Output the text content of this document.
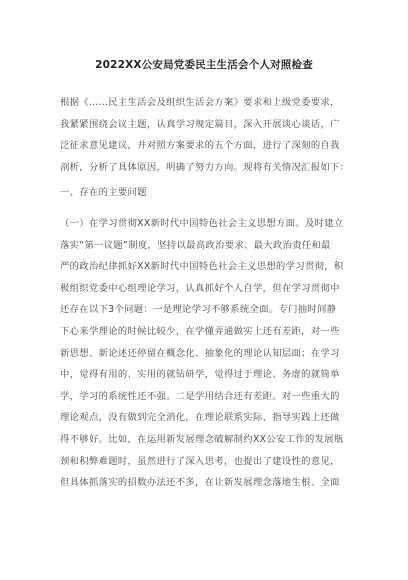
2022XX公安局党委民主生活会个人对照检查
根据《……民主生活会及组织生活会方案》要求和上级党委要求，
我紧紧围绕会议主题，认真学习规定篇目，深入开展谈心谈话，广
泛征求意见建议，并对照方案要求的五个方面，进行了深刻的自我
剖析，分析了具体原因，明确了努力方向。现将有关情况汇报如下：
一、存在的主要问题
（一）在学习贯彻XX新时代中国特色社会主义思想方面。及时建立
落实“第一议题”制度，坚持以最高政治要求、最大政治责任和最
严的政治纪律抓好XX新时代中国特色社会主义思想的学习贯彻，积
极组织党委中心组理论学习，认真抓好个人自学，但在学习贯彻中
还存在以下3个问题：一是理论学习不够系统全面。专门抽时间静
下心来学理论的时候比较少，在学懂弄通做实上还有差距，对一些
新思想、新论述还停留在概念化、抽象化的理论认知层面；在学习
中，觉得有用的、实用的就钻研学，觉得过于理论、务虚的就简单
学，学习的系统性还不强。二是学用结合还有差距。对一些重大的
理论观点，没有做到完全消化，在理论联系实际、指导实践上还做
得不够好。比如，在运用新发展理念破解制约XX公安工作的发展瓶
颈和积弊难题时，虽然进行了深入思考，也提出了建设性的意见，
但具体抓落实的招数办法还不多，在让新发展理念落地生根、全面
